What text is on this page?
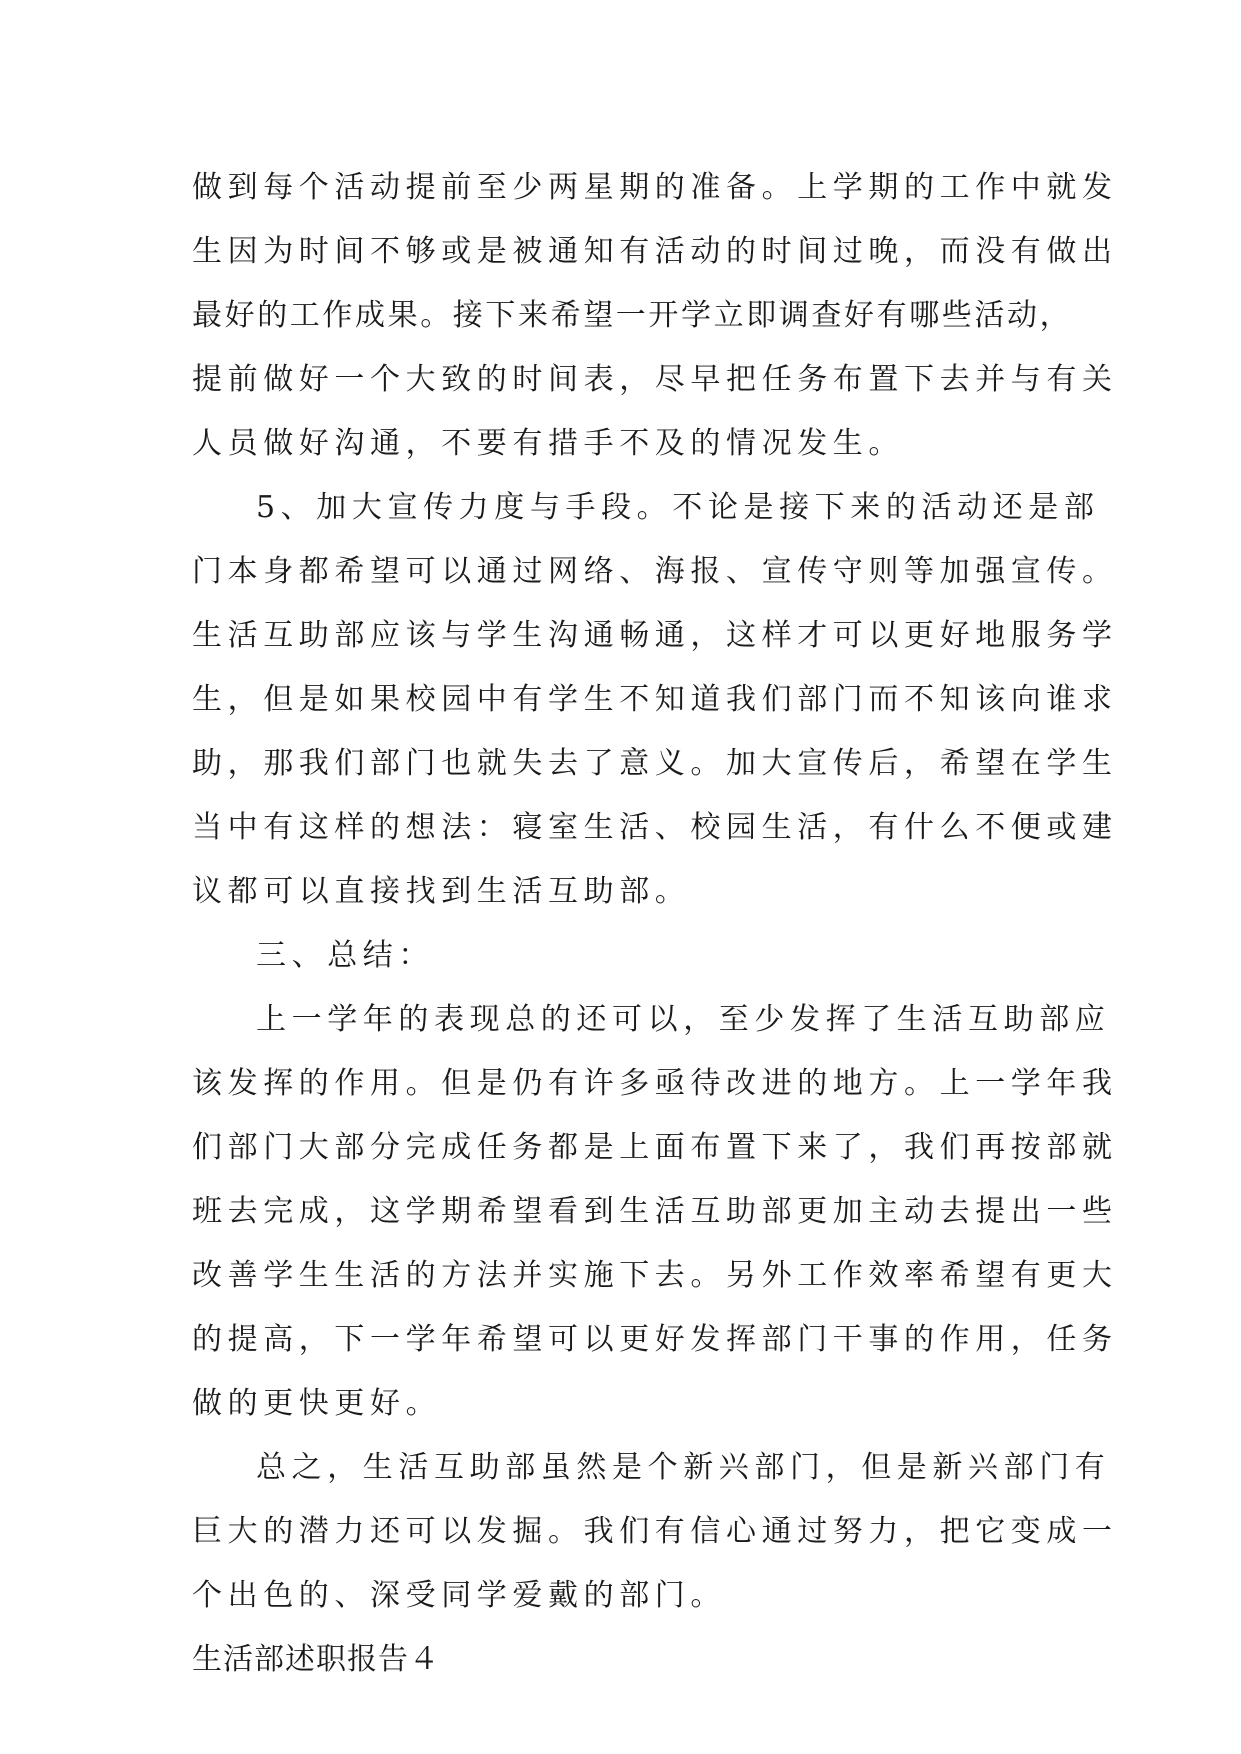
做到每个活动提前至少两星期的准备。上学期的工作中就发
生因为时间不够或是被通知有活动的时间过晚，而没有做出
最好的工作成果。接下来希望一开学立即调查好有哪些活动，
提前做好一个大致的时间表，尽早把任务布置下去并与有关
人员做好沟通，不要有措手不及的情况发生。
5、加大宣传力度与手段。不论是接下来的活动还是部
门本身都希望可以通过网络、海报、宣传守则等加强宣传。
生活互助部应该与学生沟通畅通，这样才可以更好地服务学
生，但是如果校园中有学生不知道我们部门而不知该向谁求
助，那我们部门也就失去了意义。加大宣传后，希望在学生
当中有这样的想法：寝室生活、校园生活，有什么不便或建
议都可以直接找到生活互助部。
三、总结：
上一学年的表现总的还可以，至少发挥了生活互助部应
该发挥的作用。但是仍有许多亟待改进的地方。上一学年我
们部门大部分完成任务都是上面布置下来了，我们再按部就
班去完成，这学期希望看到生活互助部更加主动去提出一些
改善学生生活的方法并实施下去。另外工作效率希望有更大
的提高，下一学年希望可以更好发挥部门干事的作用，任务
做的更快更好。
总之，生活互助部虽然是个新兴部门，但是新兴部门有
巨大的潜力还可以发掘。我们有信心通过努力，把它变成一
个出色的、深受同学爱戴的部门。
生活部述职报告４
